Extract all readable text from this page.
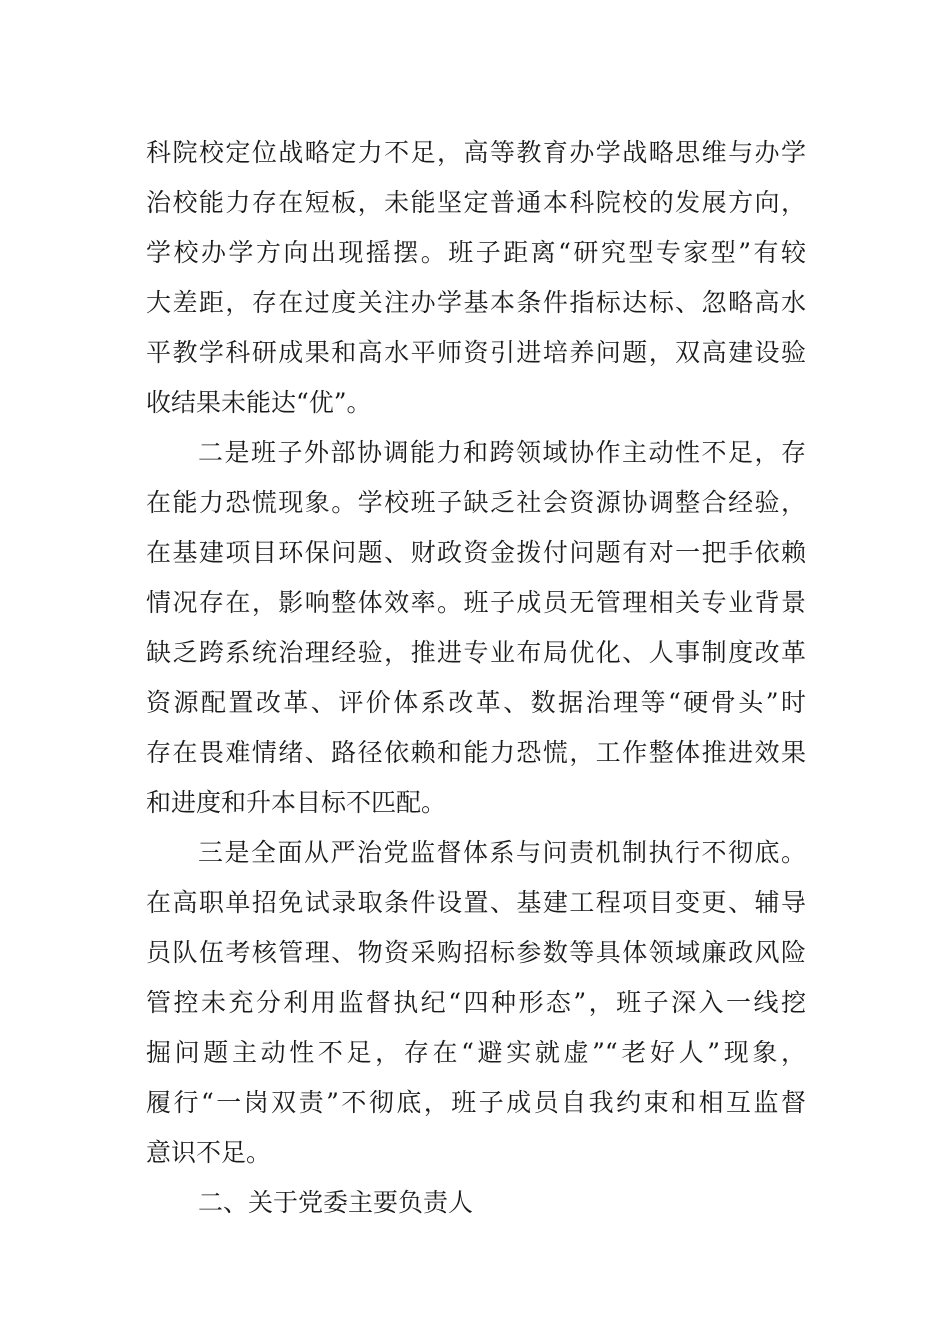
科院校定位战略定力不足，高等教育办学战略思维与办学
治校能力存在短板，未能坚定普通本科院校的发展方向，
学校办学方向出现摇摆。班子距离“研究型专家型”有较
大差距，存在过度关注办学基本条件指标达标、忽略高水
平教学科研成果和高水平师资引进培养问题，双高建设验
收结果未能达“优”。
二是班子外部协调能力和跨领域协作主动性不足，存
在能力恐慌现象。学校班子缺乏社会资源协调整合经验，
在基建项目环保问题、财政资金拨付问题有对一把手依赖
情况存在，影响整体效率。班子成员无管理相关专业背景
缺乏跨系统治理经验，推进专业布局优化、人事制度改革
资源配置改革、评价体系改革、数据治理等“硬骨头”时
存在畏难情绪、路径依赖和能力恐慌，工作整体推进效果
和进度和升本目标不匹配。
三是全面从严治党监督体系与问责机制执行不彻底。
在高职单招免试录取条件设置、基建工程项目变更、辅导
员队伍考核管理、物资采购招标参数等具体领域廉政风险
管控未充分利用监督执纪“四种形态”，班子深入一线挖
掘问题主动性不足，存在“避实就虚”“老好人”现象，
履行“一岗双责”不彻底，班子成员自我约束和相互监督
意识不足。
二、关于党委主要负责人
